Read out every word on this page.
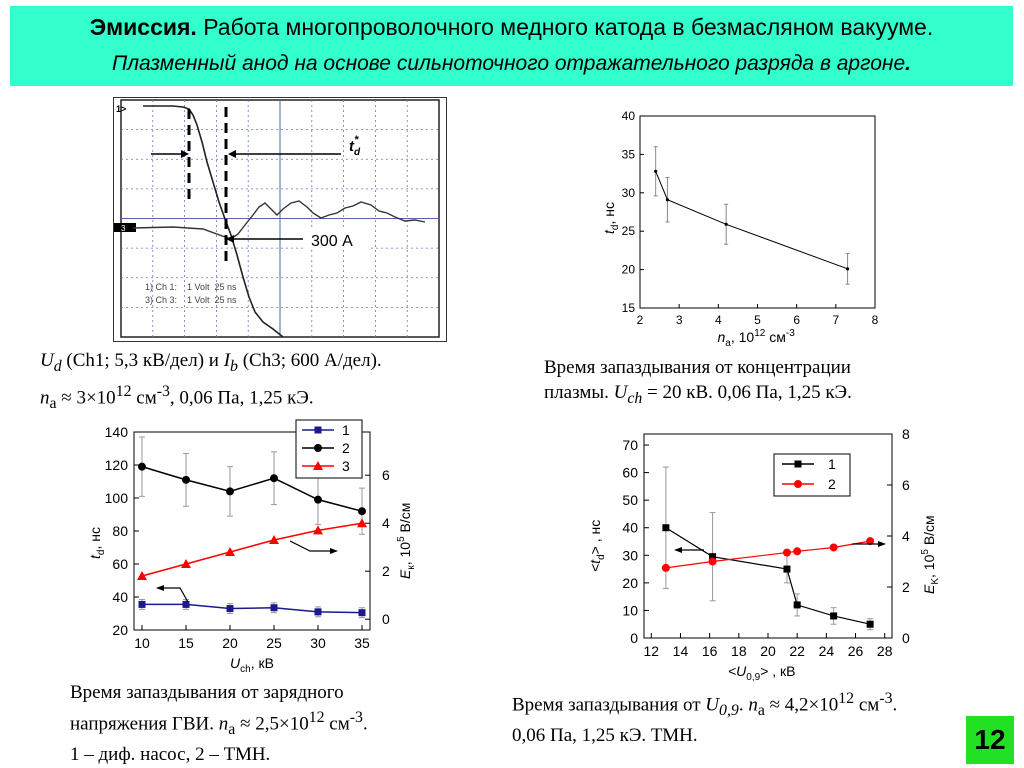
Эмиссия. Работа многопроволочного медного катода в безмасляном вакууме.
Плазменный анод на основе сильноточного отражательного разряда в аргоне.
1>
3
$t_d*$
300 А
1) Ch 1:    1 Volt  25 ns
3) Ch 3:    1 Volt  25 ns
$U_d$ (Ch1; 5,3 кВ/дел) и $I_b$ (Ch3; 600 А/дел).
$n_a \approx 3\times 10^{12}$ $см^{-3}$, 0,06 Па, 1,25 кЭ.
2	3	4	5	6	7	8
15
20
25
30
35
40
na, 1012 см-3
$t_d$, нс
Время запаздывания от концентрации
плазмы. $U_{ch} = 20$ кВ. 0,06 Па, 1,25 кЭ.
10 15 20 25 30 35
20
40
60
80
100
120
140
0
2
4
6
1
2
3
$U_{ch}$, кВ
$t_d$, нс
$E_к$, $10^5$ В/см
Время запаздывания от зарядного
напряжения ГВИ. $n_a \approx 2,5\times 10^{12}$ $см^{-3}$.
1 – диф. насос, 2 – ТМН.
12 14 16 18 20 22 24 26 28
0
10
20
30
40
50
60
70
0
2
4
6
8
1
2
$<U_{0,9}>$ , кВ
$<t_d>$ , нс
$E_K$, $10^5$ В/см
Время запаздывания от $U_{0,9}$. $n_a \approx 4,2\times 10^{12}$ $см^{-3}$.
0,06 Па, 1,25 кЭ. ТМН.	12
